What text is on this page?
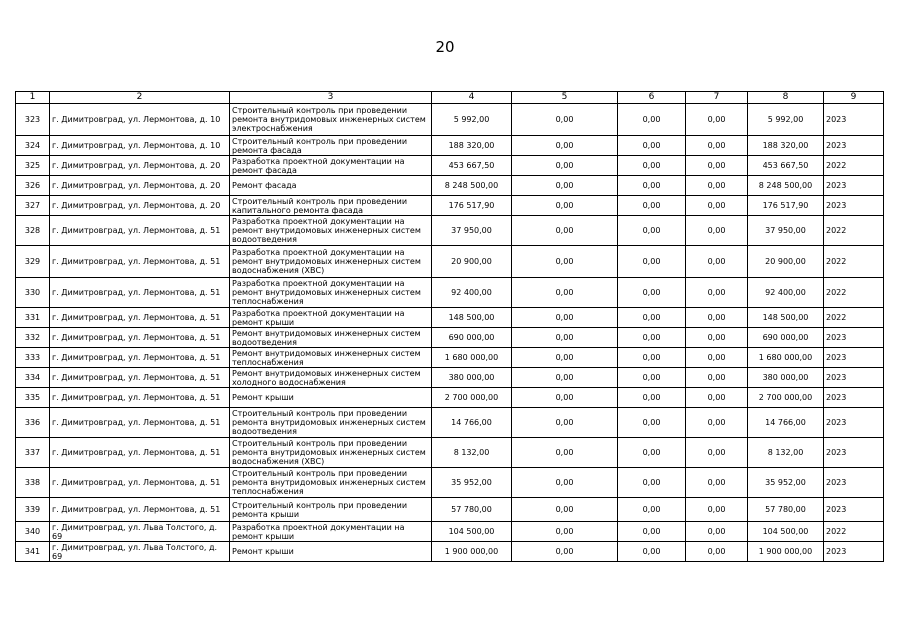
20
1	2	3	4	5	6	7	8	9
323	г. Димитровград, ул. Лермонтова, д. 10	Строительный контроль при проведении ремонта внутридомовых инженерных систем электроснабжения	5 992,00	0,00	0,00	0,00	5 992,00	2023
324	г. Димитровград, ул. Лермонтова, д. 10	Строительный контроль при проведении ремонта фасада	188 320,00	0,00	0,00	0,00	188 320,00	2023
325	г. Димитровград, ул. Лермонтова, д. 20	Разработка проектной документации на ремонт фасада	453 667,50	0,00	0,00	0,00	453 667,50	2022
326	г. Димитровград, ул. Лермонтова, д. 20	Ремонт фасада	8 248 500,00	0,00	0,00	0,00	8 248 500,00	2023
327	г. Димитровград, ул. Лермонтова, д. 20	Строительный контроль при проведении капитального ремонта фасада	176 517,90	0,00	0,00	0,00	176 517,90	2023
328	г. Димитровград, ул. Лермонтова, д. 51	Разработка проектной документации на ремонт внутридомовых инженерных систем водоотведения	37 950,00	0,00	0,00	0,00	37 950,00	2022
329	г. Димитровград, ул. Лермонтова, д. 51	Разработка проектной документации на ремонт внутридомовых инженерных систем водоснабжения (ХВС)	20 900,00	0,00	0,00	0,00	20 900,00	2022
330	г. Димитровград, ул. Лермонтова, д. 51	Разработка проектной документации на ремонт внутридомовых инженерных систем теплоснабжения	92 400,00	0,00	0,00	0,00	92 400,00	2022
331	г. Димитровград, ул. Лермонтова, д. 51	Разработка проектной документации на ремонт крыши	148 500,00	0,00	0,00	0,00	148 500,00	2022
332	г. Димитровград, ул. Лермонтова, д. 51	Ремонт внутридомовых инженерных систем водоотведения	690 000,00	0,00	0,00	0,00	690 000,00	2023
333	г. Димитровград, ул. Лермонтова, д. 51	Ремонт внутридомовых инженерных систем теплоснабжения	1 680 000,00	0,00	0,00	0,00	1 680 000,00	2023
334	г. Димитровград, ул. Лермонтова, д. 51	Ремонт внутридомовых инженерных систем холодного водоснабжения	380 000,00	0,00	0,00	0,00	380 000,00	2023
335	г. Димитровград, ул. Лермонтова, д. 51	Ремонт крыши	2 700 000,00	0,00	0,00	0,00	2 700 000,00	2023
336	г. Димитровград, ул. Лермонтова, д. 51	Строительный контроль при проведении ремонта внутридомовых инженерных систем водоотведения	14 766,00	0,00	0,00	0,00	14 766,00	2023
337	г. Димитровград, ул. Лермонтова, д. 51	Строительный контроль при проведении ремонта внутридомовых инженерных систем водоснабжения (ХВС)	8 132,00	0,00	0,00	0,00	8 132,00	2023
338	г. Димитровград, ул. Лермонтова, д. 51	Строительный контроль при проведении ремонта внутридомовых инженерных систем теплоснабжения	35 952,00	0,00	0,00	0,00	35 952,00	2023
339	г. Димитровград, ул. Лермонтова, д. 51	Строительный контроль при проведении ремонта крыши	57 780,00	0,00	0,00	0,00	57 780,00	2023
340	г. Димитровград, ул. Льва Толстого, д. 69	Разработка проектной документации на ремонт крыши	104 500,00	0,00	0,00	0,00	104 500,00	2022
341	г. Димитровград, ул. Льва Толстого, д. 69	Ремонт крыши	1 900 000,00	0,00	0,00	0,00	1 900 000,00	2023
